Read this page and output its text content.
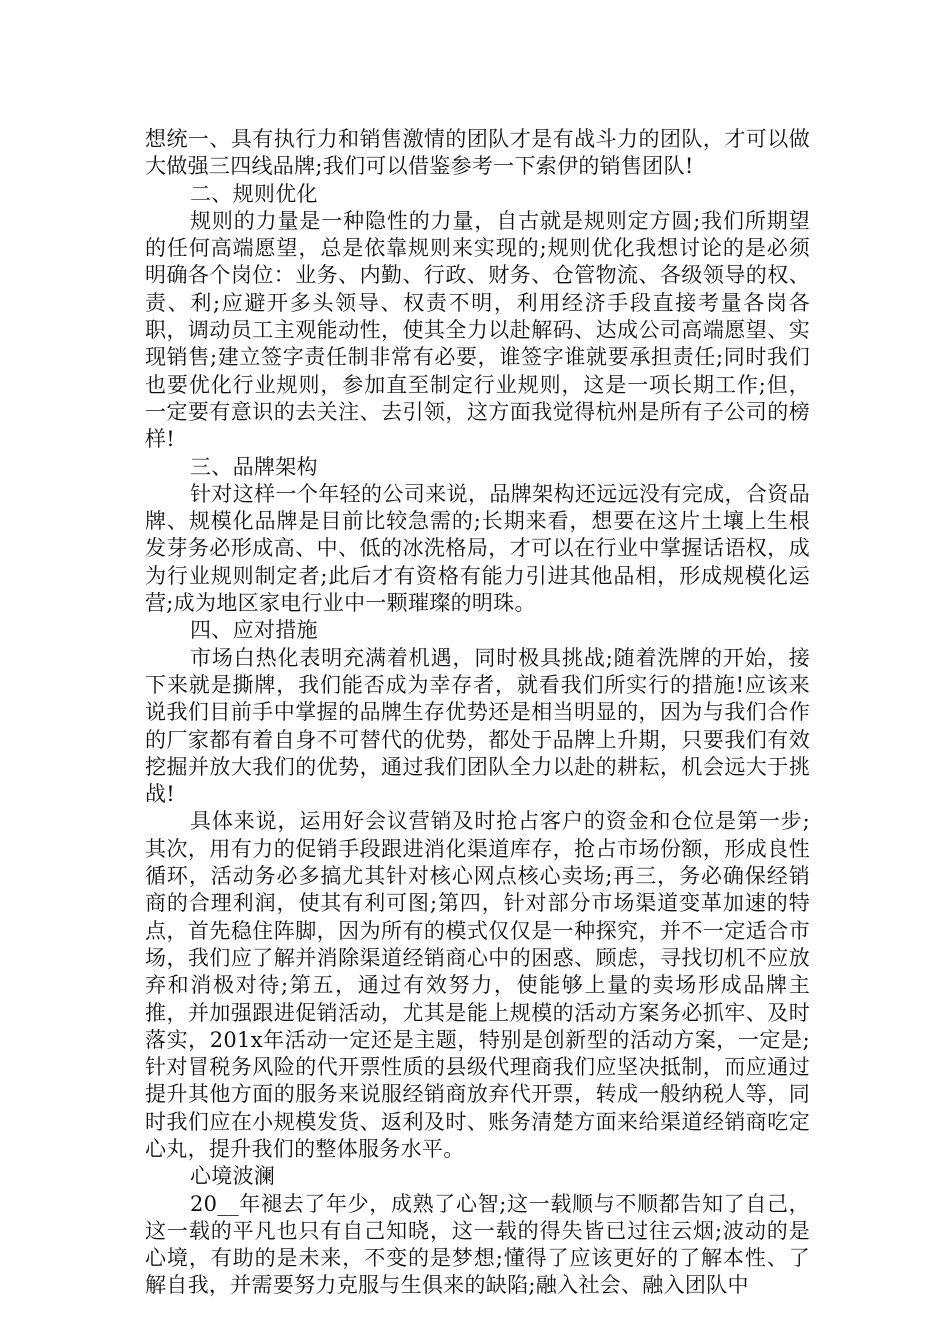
想统一、具有执行力和销售激情的团队才是有战斗力的团队，才可以做大做强三四线品牌;我们可以借鉴参考一下索伊的销售团队!

二、规则优化

规则的力量是一种隐性的力量，自古就是规则定方圆;我们所期望的任何高端愿望，总是依靠规则来实现的;规则优化我想讨论的是必须明确各个岗位：业务、内勤、行政、财务、仓管物流、各级领导的权、责、利;应避开多头领导、权责不明，利用经济手段直接考量各岗各职，调动员工主观能动性，使其全力以赴解码、达成公司高端愿望、实现销售;建立签字责任制非常有必要，谁签字谁就要承担责任;同时我们也要优化行业规则，参加直至制定行业规则，这是一项长期工作;但，一定要有意识的去关注、去引领，这方面我觉得杭州是所有子公司的榜样!

三、品牌架构

针对这样一个年轻的公司来说，品牌架构还远远没有完成，合资品牌、规模化品牌是目前比较急需的;长期来看，想要在这片土壤上生根发芽务必形成高、中、低的冰洗格局，才可以在行业中掌握话语权，成为行业规则制定者;此后才有资格有能力引进其他品相，形成规模化运营;成为地区家电行业中一颗璀璨的明珠。

四、应对措施

市场白热化表明充满着机遇，同时极具挑战;随着洗牌的开始，接下来就是撕牌，我们能否成为幸存者，就看我们所实行的措施!应该来说我们目前手中掌握的品牌生存优势还是相当明显的，因为与我们合作的厂家都有着自身不可替代的优势，都处于品牌上升期，只要我们有效挖掘并放大我们的优势，通过我们团队全力以赴的耕耘，机会远大于挑战!

具体来说，运用好会议营销及时抢占客户的资金和仓位是第一步;其次，用有力的促销手段跟进消化渠道库存，抢占市场份额，形成良性循环，活动务必多搞尤其针对核心网点核心卖场;再三，务必确保经销商的合理利润，使其有利可图;第四，针对部分市场渠道变革加速的特点，首先稳住阵脚，因为所有的模式仅仅是一种探究，并不一定适合市场，我们应了解并消除渠道经销商心中的困惑、顾虑，寻找切机不应放弃和消极对待;第五，通过有效努力，使能够上量的卖场形成品牌主推，并加强跟进促销活动，尤其是能上规模的活动方案务必抓牢、及时落实，201x年活动一定还是主题，特别是创新型的活动方案，一定是;针对冒税务风险的代开票性质的县级代理商我们应坚决抵制，而应通过提升其他方面的服务来说服经销商放弃代开票，转成一般纳税人等，同时我们应在小规模发货、返利及时、账务清楚方面来给渠道经销商吃定心丸，提升我们的整体服务水平。

心境波澜

20__年褪去了年少，成熟了心智;这一载顺与不顺都告知了自己，这一载的平凡也只有自己知晓，这一载的得失皆已过往云烟;波动的是心境，有助的是未来，不变的是梦想;懂得了应该更好的了解本性、了解自我，并需要努力克服与生俱来的缺陷;融入社会、融入团队中
